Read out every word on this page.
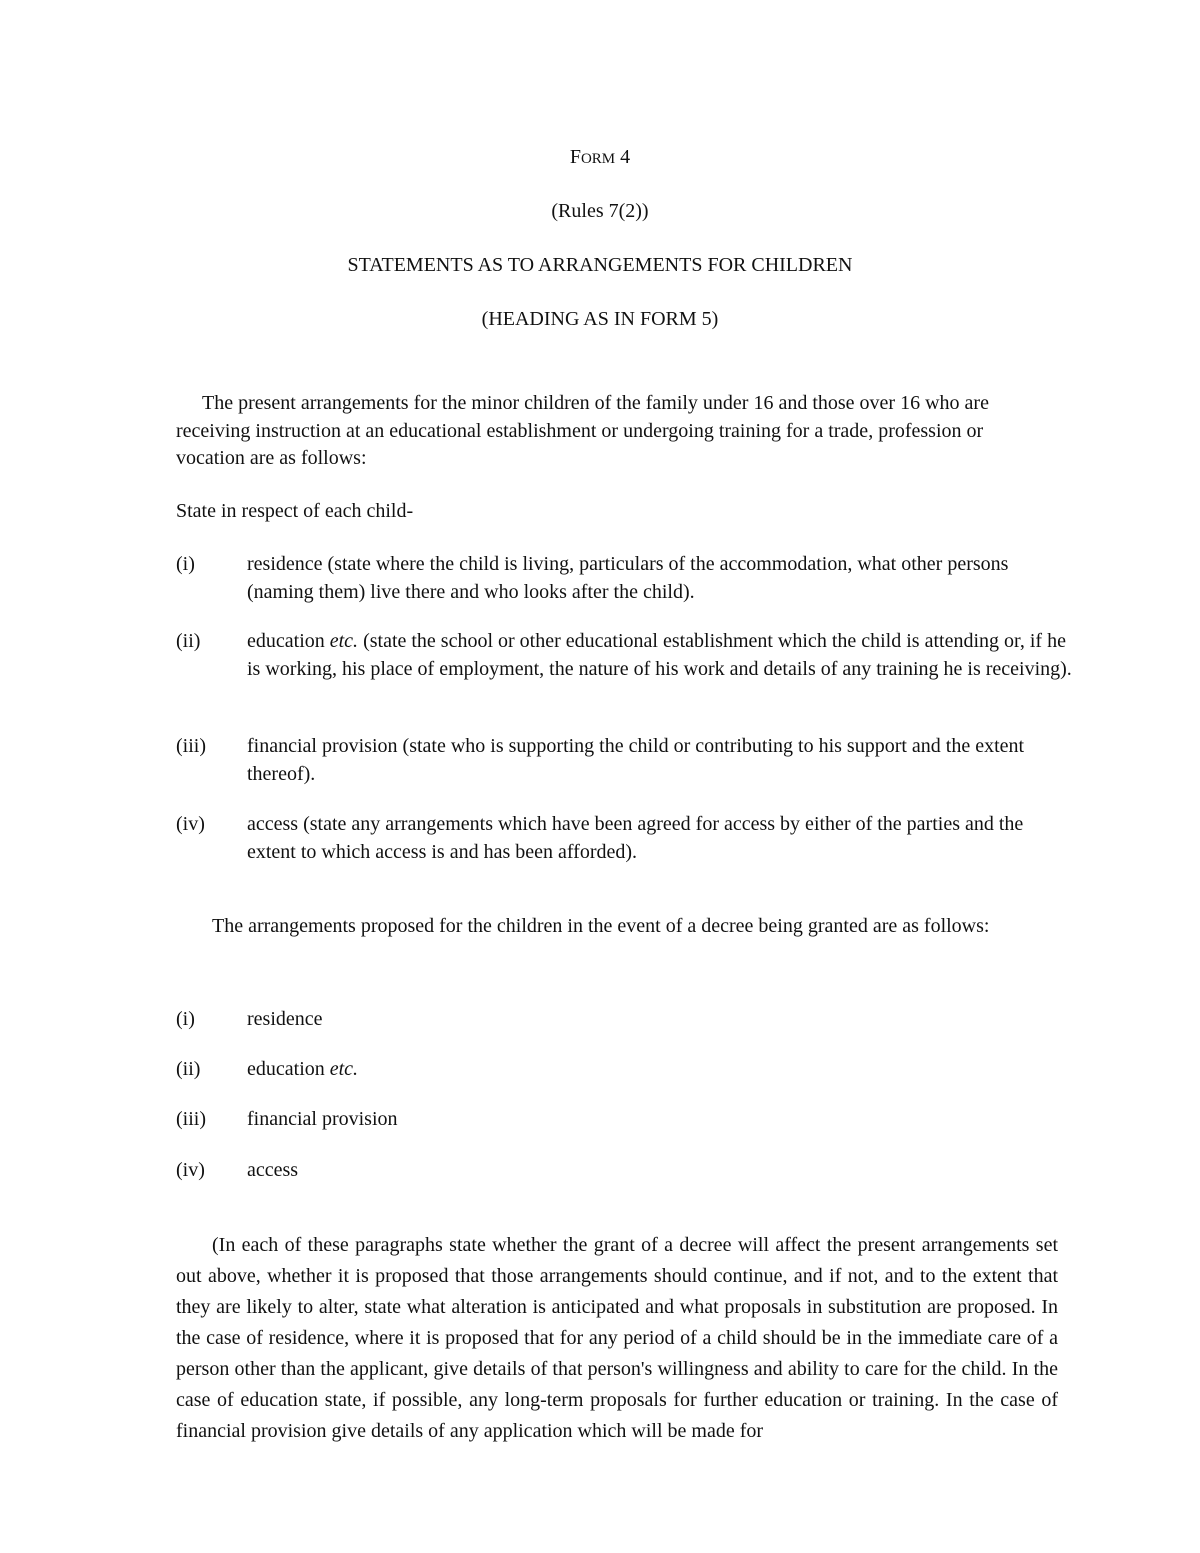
FORM 4
(Rules 7(2))
STATEMENTS AS TO ARRANGEMENTS FOR CHILDREN
(HEADING AS IN FORM 5)
The present arrangements for the minor children of the family under 16 and those over 16 who are receiving instruction at an educational establishment or undergoing training for a trade, profession or vocation are as follows:
State in respect of each child-
(i)	residence (state where the child is living, particulars of the accommodation, what other persons (naming them) live there and who looks after the child).
(ii) education etc. (state the school or other educational establishment which the child is attending or, if he is working, his place of employment, the nature of his work and details of any training he is receiving).
(iii) financial provision (state who is supporting the child or contributing to his support and the extent thereof).
(iv) access (state any arrangements which have been agreed for access by either of the parties and the extent to which access is and has been afforded).
The arrangements proposed for the children in the event of a decree being granted are as follows:
(i)	residence
(ii) education etc.
(iii) financial provision
(iv) access
(In each of these paragraphs state whether the grant of a decree will affect the present arrangements set out above, whether it is proposed that those arrangements should continue, and if not, and to the extent that they are likely to alter, state what alteration is anticipated and what proposals in substitution are proposed. In the case of residence, where it is proposed that for any period of a child should be in the immediate care of a person other than the applicant, give details of that person's willingness and ability to care for the child. In the case of education state, if possible, any long-term proposals for further education or training. In the case of financial provision give details of any application which will be made for
